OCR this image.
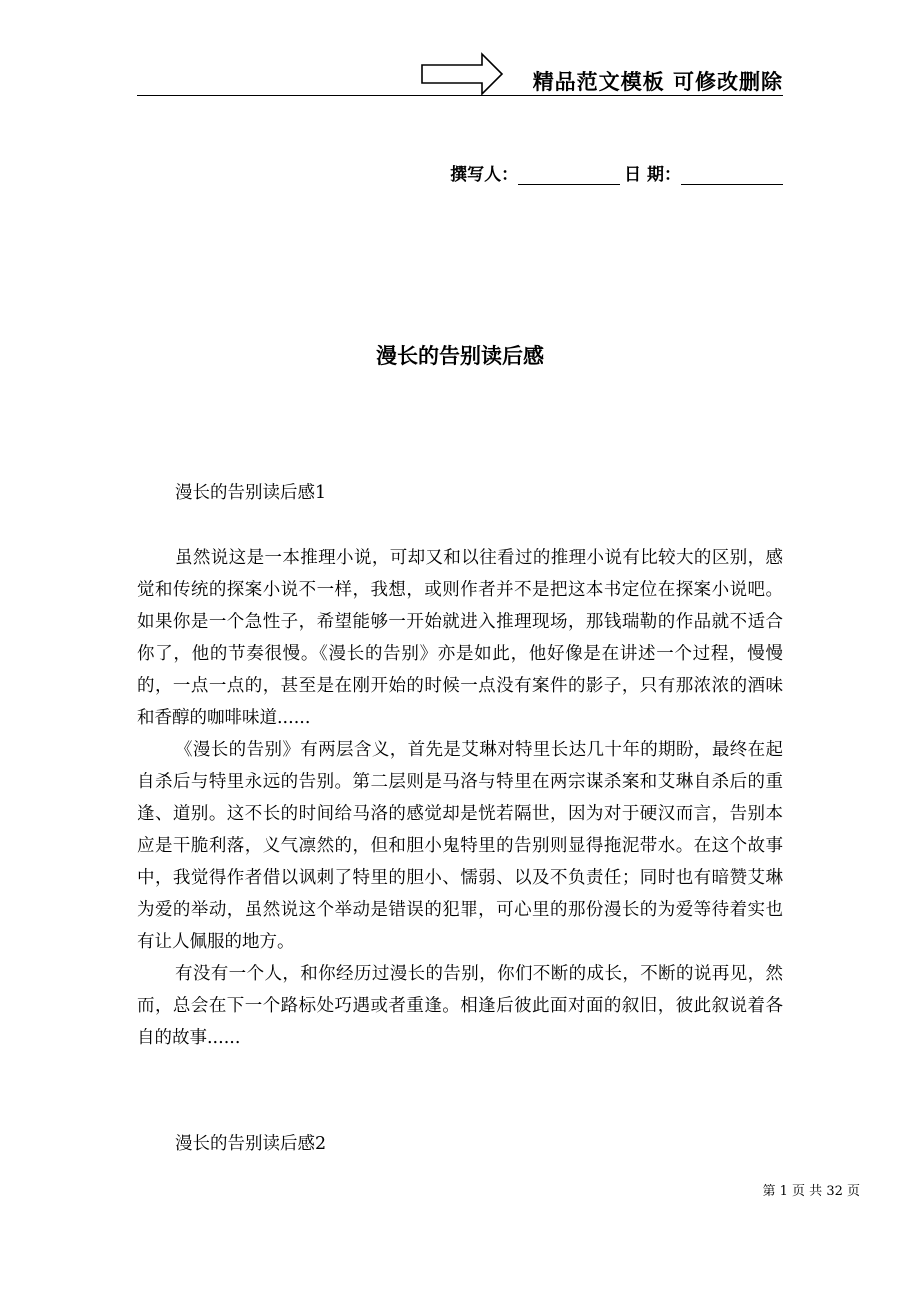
精品范文模板 可修改删除
撰写人：	日 期：
漫长的告别读后感
漫长的告别读后感1

虽然说这是一本推理小说，可却又和以往看过的推理小说有比较大的区别，感觉和传统的探案小说不一样，我想，或则作者并不是把这本书定位在探案小说吧。如果你是一个急性子，希望能够一开始就进入推理现场，那钱瑞勒的作品就不适合你了，他的节奏很慢。《漫长的告别》亦是如此，他好像是在讲述一个过程，慢慢的，一点一点的，甚至是在刚开始的时候一点没有案件的影子，只有那浓浓的酒味和香醇的咖啡味道......

《漫长的告别》有两层含义，首先是艾琳对特里长达几十年的期盼，最终在起自杀后与特里永远的告别。第二层则是马洛与特里在两宗谋杀案和艾琳自杀后的重逢、道别。这不长的时间给马洛的感觉却是恍若隔世，因为对于硬汉而言，告别本应是干脆利落，义气凛然的，但和胆小鬼特里的告别则显得拖泥带水。在这个故事中，我觉得作者借以讽刺了特里的胆小、懦弱、以及不负责任；同时也有暗赞艾琳为爱的举动，虽然说这个举动是错误的犯罪，可心里的那份漫长的为爱等待着实也有让人佩服的地方。

有没有一个人，和你经历过漫长的告别，你们不断的成长，不断的说再见，然而，总会在下一个路标处巧遇或者重逢。相逢后彼此面对面的叙旧，彼此叙说着各自的故事......

漫长的告别读后感2
第 1 页 共 32 页
